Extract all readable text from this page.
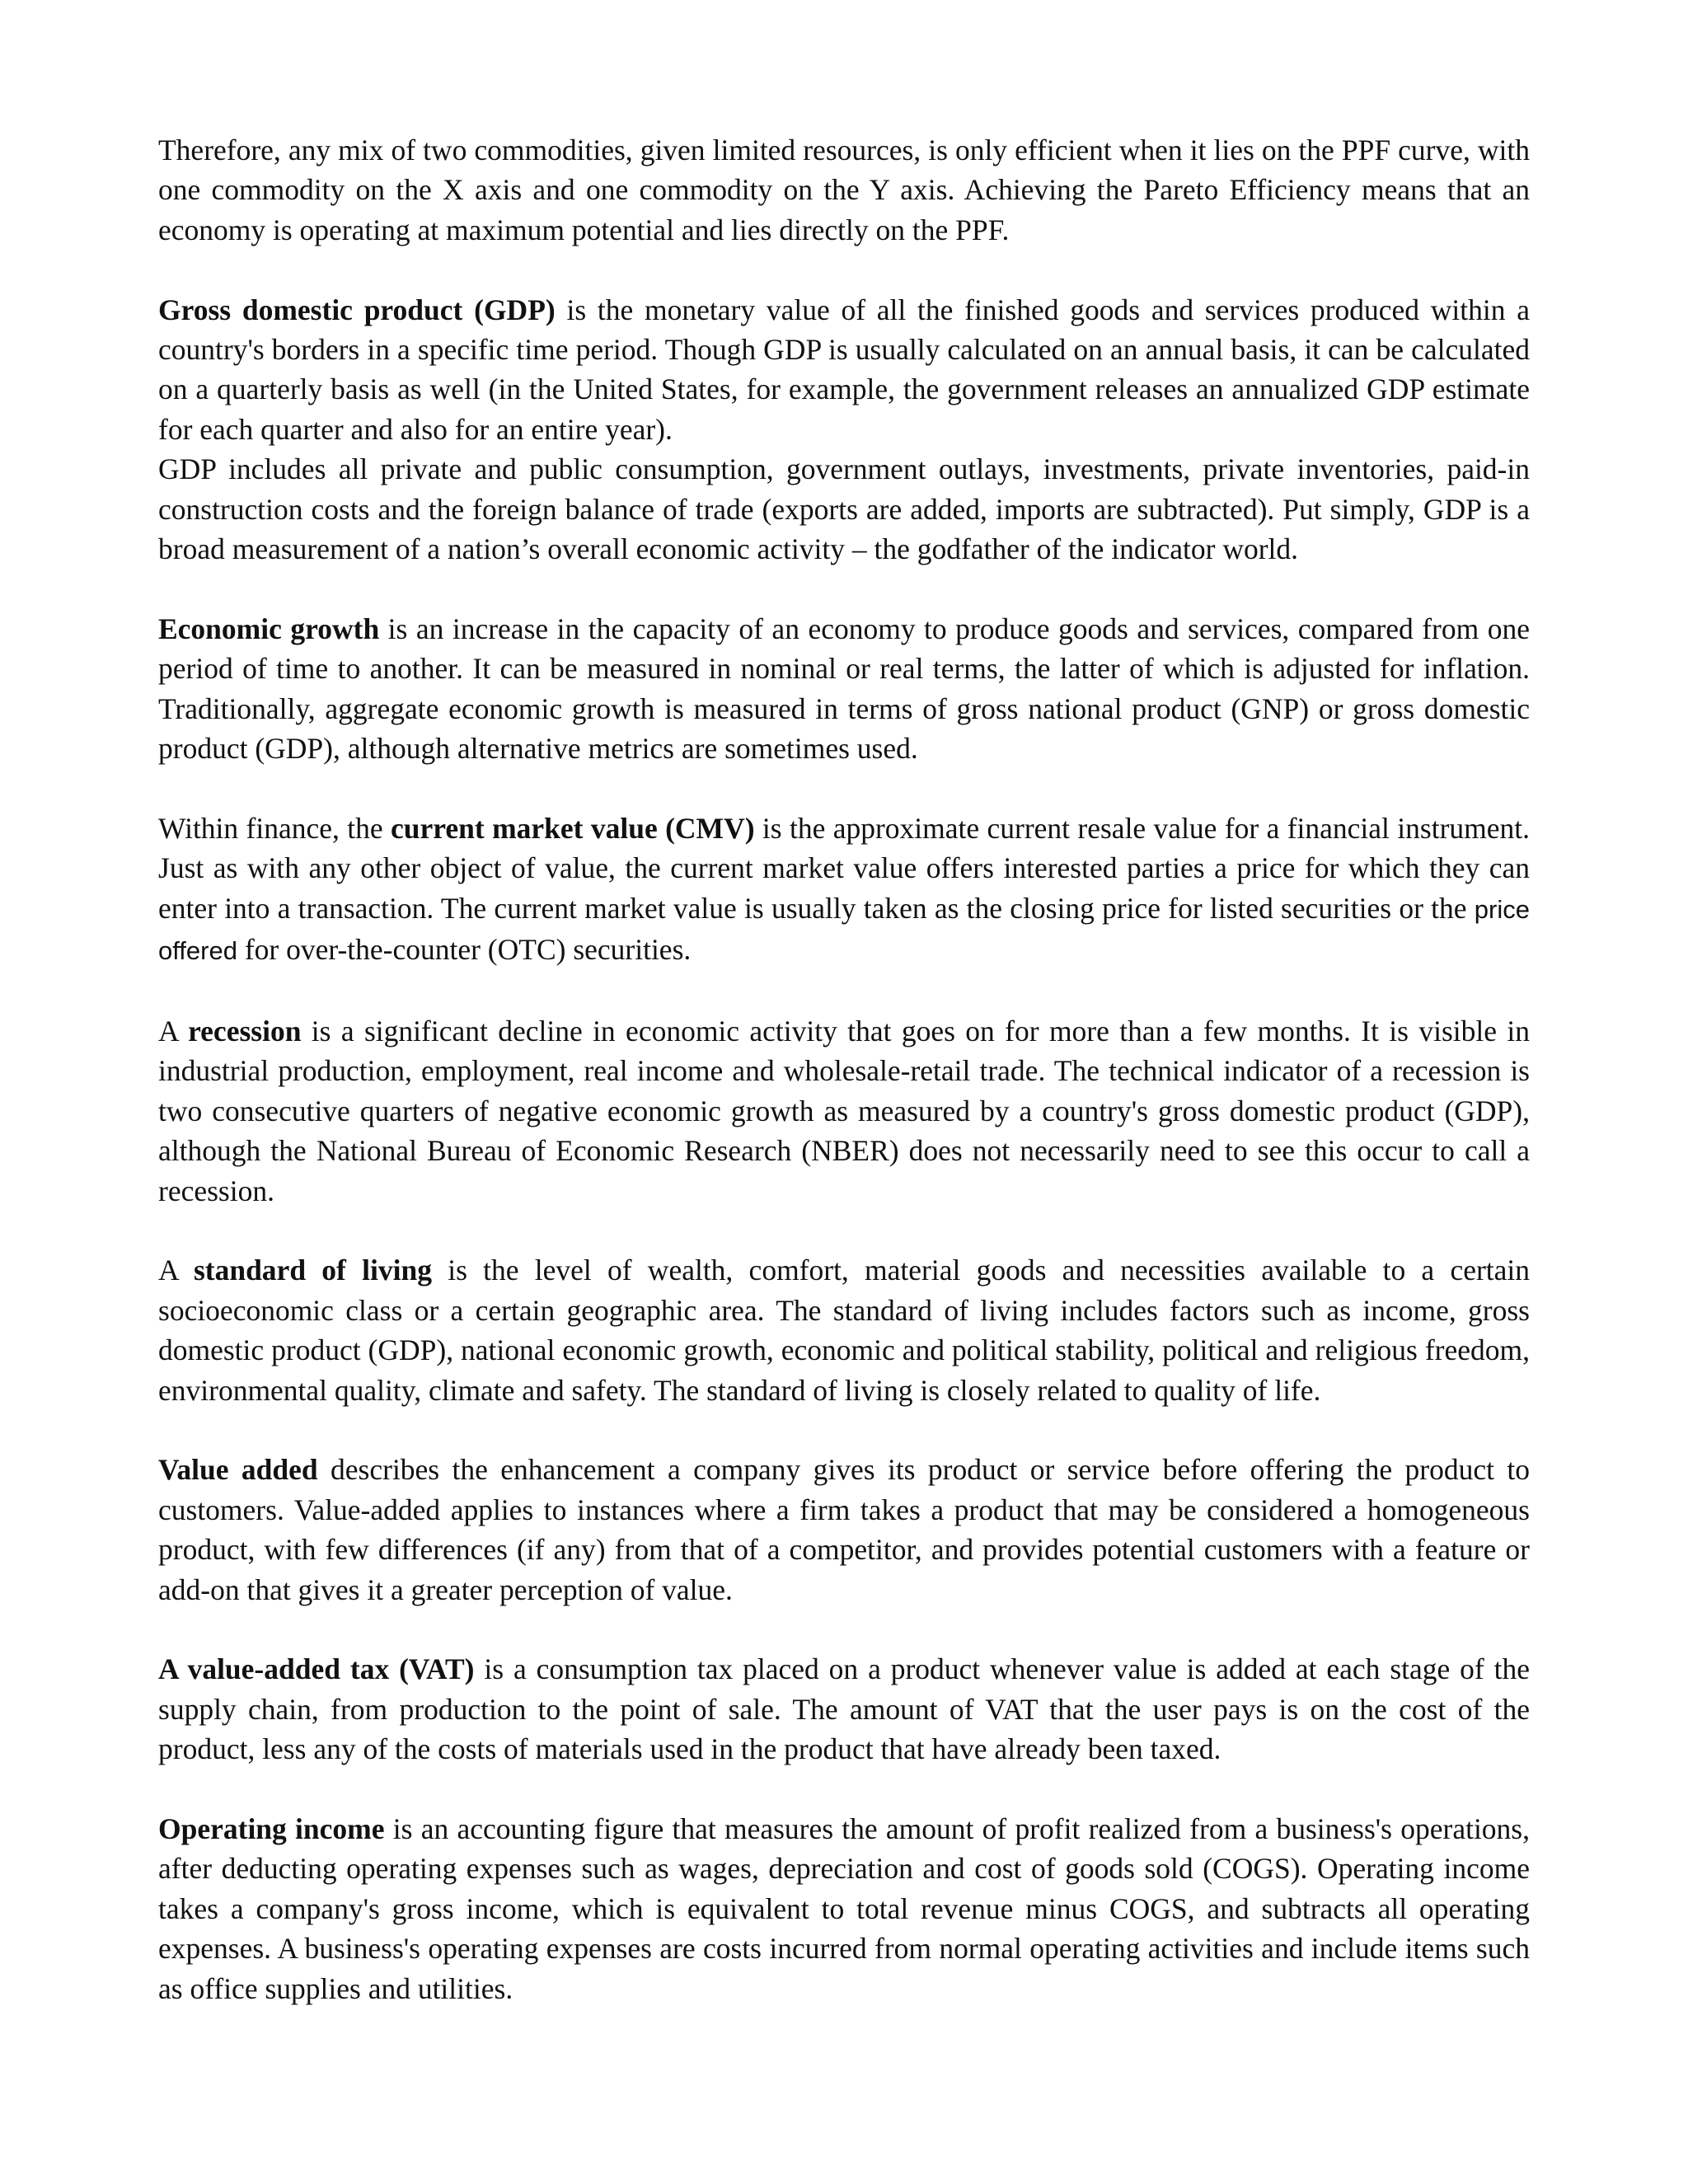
Therefore, any mix of two commodities, given limited resources, is only efficient when it lies on the PPF curve, with one commodity on the X axis and one commodity on the Y axis. Achieving the Pareto Efficiency means that an economy is operating at maximum potential and lies directly on the PPF.

Gross domestic product (GDP) is the monetary value of all the finished goods and services produced within a country's borders in a specific time period. Though GDP is usually calculated on an annual basis, it can be calculated on a quarterly basis as well (in the United States, for example, the government releases an annualized GDP estimate for each quarter and also for an entire year).

GDP includes all private and public consumption, government outlays, investments, private inventories, paid-in construction costs and the foreign balance of trade (exports are added, imports are subtracted). Put simply, GDP is a broad measurement of a nation’s overall economic activity – the godfather of the indicator world.

Economic growth is an increase in the capacity of an economy to produce goods and services, compared from one period of time to another. It can be measured in nominal or real terms, the latter of which is adjusted for inflation. Traditionally, aggregate economic growth is measured in terms of gross national product (GNP) or gross domestic product (GDP), although alternative metrics are sometimes used.

Within finance, the current market value (CMV) is the approximate current resale value for a financial instrument. Just as with any other object of value, the current market value offers interested parties a price for which they can enter into a transaction. The current market value is usually taken as the closing price for listed securities or the price offered for over-the-counter (OTC) securities.

A recession is a significant decline in economic activity that goes on for more than a few months. It is visible in industrial production, employment, real income and wholesale-retail trade. The technical indicator of a recession is two consecutive quarters of negative economic growth as measured by a country's gross domestic product (GDP), although the National Bureau of Economic Research (NBER) does not necessarily need to see this occur to call a recession.

A standard of living is the level of wealth, comfort, material goods and necessities available to a certain socioeconomic class or a certain geographic area. The standard of living includes factors such as income, gross domestic product (GDP), national economic growth, economic and political stability, political and religious freedom, environmental quality, climate and safety. The standard of living is closely related to quality of life.

Value added describes the enhancement a company gives its product or service before offering the product to customers. Value-added applies to instances where a firm takes a product that may be considered a homogeneous product, with few differences (if any) from that of a competitor, and provides potential customers with a feature or add-on that gives it a greater perception of value.

A value-added tax (VAT) is a consumption tax placed on a product whenever value is added at each stage of the supply chain, from production to the point of sale. The amount of VAT that the user pays is on the cost of the product, less any of the costs of materials used in the product that have already been taxed.

Operating income is an accounting figure that measures the amount of profit realized from a business's operations, after deducting operating expenses such as wages, depreciation and cost of goods sold (COGS). Operating income takes a company's gross income, which is equivalent to total revenue minus COGS, and subtracts all operating expenses. A business's operating expenses are costs incurred from normal operating activities and include items such as office supplies and utilities.
